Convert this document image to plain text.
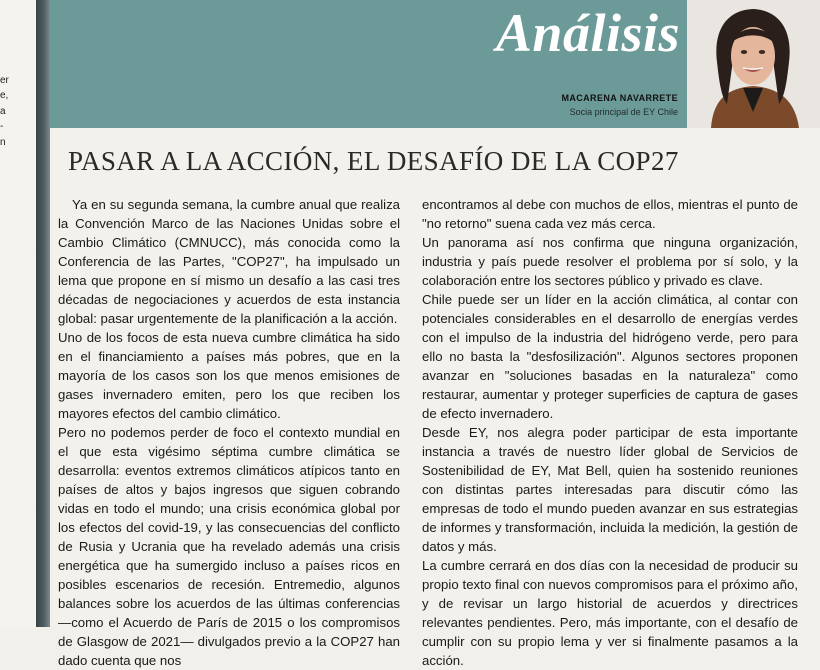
er
e,
a
-
n
Análisis
MACARENA NAVARRETE
Socia principal de EY Chile
PASAR A LA ACCIÓN, EL DESAFÍO DE LA COP27

Ya en su segunda semana, la cumbre anual que realiza la Convención Marco de las Naciones Unidas sobre el Cambio Climático (CMNUCC), más conocida como la Conferencia de las Partes, "COP27", ha impulsado un lema que propone en sí mismo un desafío a las casi tres décadas de negociaciones y acuerdos de esta instancia global: pasar urgentemente de la planificación a la acción.

Uno de los focos de esta nueva cumbre climática ha sido en el financiamiento a países más pobres, que en la mayoría de los casos son los que menos emisiones de gases invernadero emiten, pero los que reciben los mayores efectos del cambio climático.

Pero no podemos perder de foco el contexto mundial en el que esta vigésimo séptima cumbre climática se desarrolla: eventos extremos climáticos atípicos tanto en países de altos y bajos ingresos que siguen cobrando vidas en todo el mundo; una crisis económica global por los efectos del covid-19, y las consecuencias del conflicto de Rusia y Ucrania que ha revelado además una crisis energética que ha sumergido incluso a países ricos en posibles escenarios de recesión. Entremedio, algunos balances sobre los acuerdos de las últimas conferencias —como el Acuerdo de París de 2015 o los compromisos de Glasgow de 2021— divulgados previo a la COP27 han dado cuenta que nos

encontramos al debe con muchos de ellos, mientras el punto de "no retorno" suena cada vez más cerca.

Un panorama así nos confirma que ninguna organización, industria y país puede resolver el problema por sí solo, y la colaboración entre los sectores público y privado es clave.

Chile puede ser un líder en la acción climática, al contar con potenciales considerables en el desarrollo de energías verdes con el impulso de la industria del hidrógeno verde, pero para ello no basta la "desfosilización". Algunos sectores proponen avanzar en "soluciones basadas en la naturaleza" como restaurar, aumentar y proteger superficies de captura de gases de efecto invernadero.

Desde EY, nos alegra poder participar de esta importante instancia a través de nuestro líder global de Servicios de Sostenibilidad de EY, Mat Bell, quien ha sostenido reuniones con distintas partes interesadas para discutir cómo las empresas de todo el mundo pueden avanzar en sus estrategias de informes y transformación, incluida la medición, la gestión de datos y más.

La cumbre cerrará en dos días con la necesidad de producir su propio texto final con nuevos compromisos para el próximo año, y de revisar un largo historial de acuerdos y directrices relevantes pendientes. Pero, más importante, con el desafío de cumplir con su propio lema y ver si finalmente pasamos a la acción.
